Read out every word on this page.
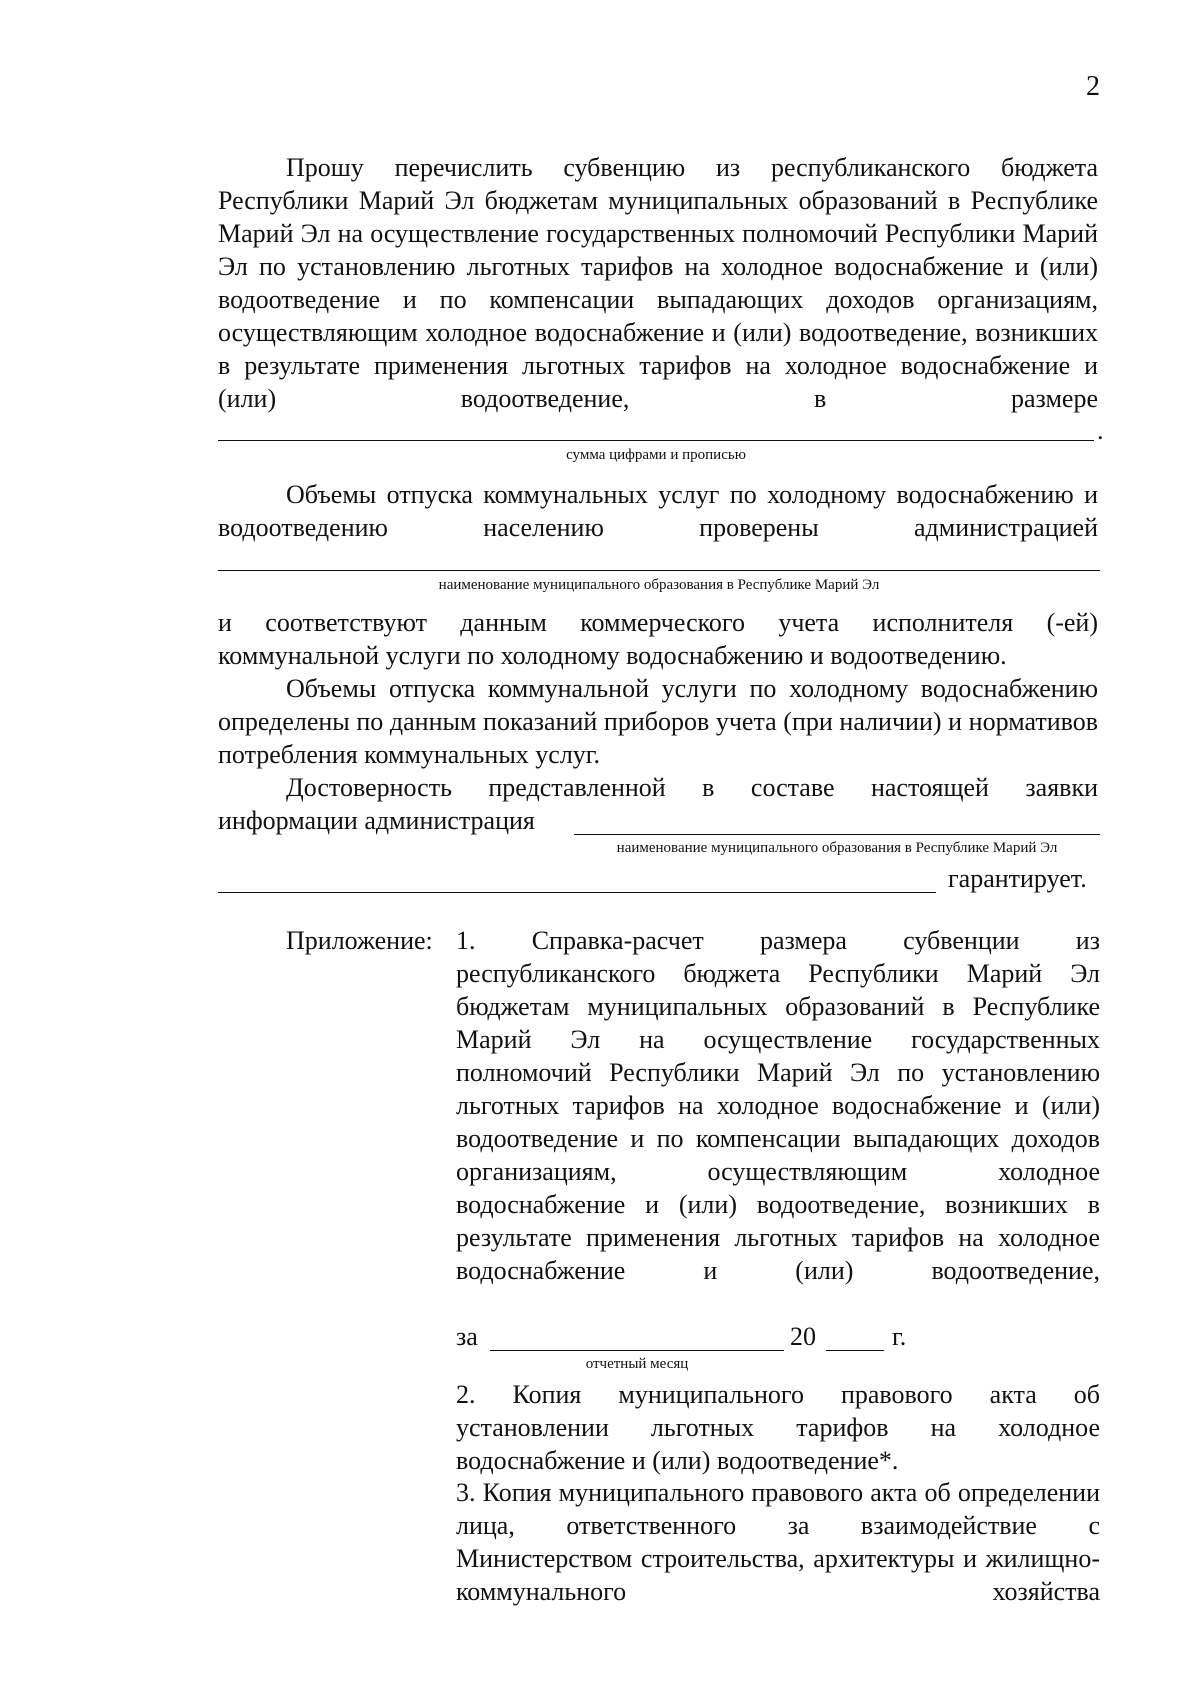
2
Прошу перечислить субвенцию из республиканского бюджета Республики Марий Эл бюджетам муниципальных образований в Республике Марий Эл на осуществление государственных полномочий Республики Марий Эл по установлению льготных тарифов на холодное водоснабжение и (или) водоотведение и по компенсации выпадающих доходов организациям, осуществляющим холодное водоснабжение и (или) водоотведение, возникших в результате применения льготных тарифов на холодное водоснабжение и (или) водоотведение, в размере
.
сумма цифрами и прописью
Объемы отпуска коммунальных услуг по холодному водоснабжению и водоотведению населению проверены администрацией
наименование муниципального образования в Республике Марий Эл
и соответствуют данным коммерческого учета исполнителя (-ей) коммунальной услуги по холодному водоснабжению и водоотведению.
Объемы отпуска коммунальной услуги по холодному водоснабжению определены по данным показаний приборов учета (при наличии) и нормативов потребления коммунальных услуг.
Достоверность представленной в составе настоящей заявки
информации администрация
наименование муниципального образования в Республике Марий Эл
гарантирует.
Приложение: 1. Справка-расчет размера субвенции из республиканского бюджета Республики Марий Эл бюджетам муниципальных образований в Республике Марий Эл на осуществление государственных полномочий Республики Марий Эл по установлению льготных тарифов на холодное водоснабжение и (или) водоотведение и по компенсации выпадающих доходов организациям, осуществляющим холодное водоснабжение и (или) водоотведение, возникших в результате применения льготных тарифов на холодное водоснабжение и (или) водоотведение,
за	20	г.
отчетный месяц
2. Копия муниципального правового акта об установлении льготных тарифов на холодное водоснабжение и (или) водоотведение*.
3. Копия муниципального правового акта об определении лица, ответственного за взаимодействие с Министерством строительства, архитектуры и жилищно-коммунального хозяйства
